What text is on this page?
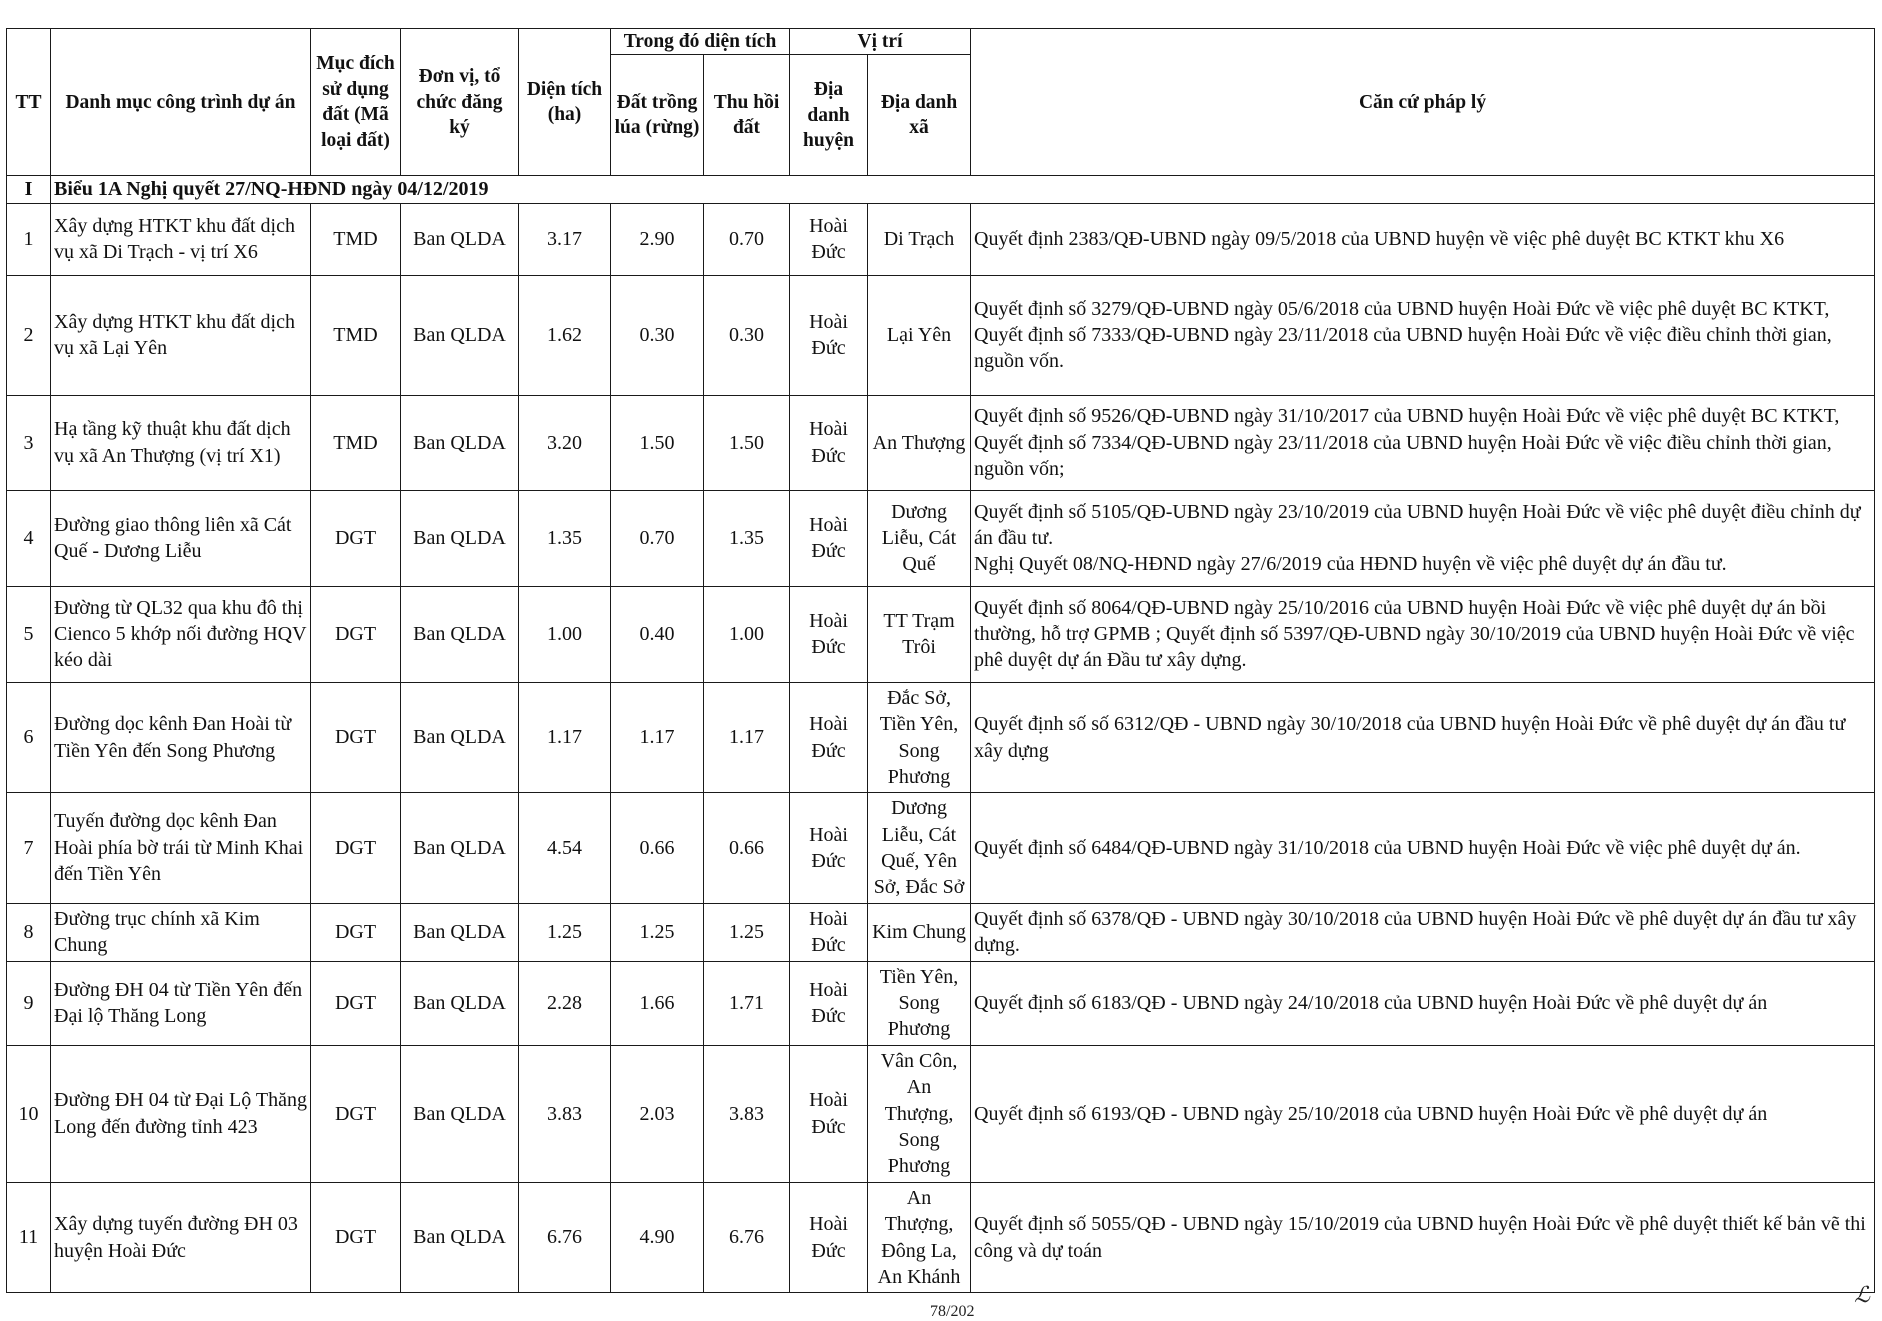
TT	Danh mục công trình dự án	Mục đích sử dụng đất (Mã loại đất)	Đơn vị, tổ chức đăng ký	Diện tích (ha)	Trong đó diện tích		Vị trí		Căn cứ pháp lý
					Đất trồng lúa (rừng)	Thu hồi đất	Địa danh huyện	Địa danh xã	
I	Biểu 1A Nghị quyết 27/NQ-HĐND ngày 04/12/2019								
1	Xây dựng HTKT khu đất dịch vụ xã Di Trạch - vị trí X6	TMD	Ban QLDA	3.17	2.90	0.70	Hoài Đức	Di Trạch	Quyết định 2383/QĐ-UBND ngày 09/5/2018 của UBND huyện về việc phê duyệt BC KTKT khu X6
2	Xây dựng HTKT khu đất dịch vụ xã Lại Yên	TMD	Ban QLDA	1.62	0.30	0.30	Hoài Đức	Lại Yên	Quyết định số 3279/QĐ-UBND ngày 05/6/2018 của UBND huyện Hoài Đức về việc phê duyệt BC KTKT, Quyết định số 7333/QĐ-UBND ngày 23/11/2018 của UBND huyện Hoài Đức về việc điều chỉnh thời gian, nguồn vốn.
3	Hạ tầng kỹ thuật khu đất dịch vụ xã An Thượng (vị trí X1)	TMD	Ban QLDA	3.20	1.50	1.50	Hoài Đức	An Thượng	Quyết định số 9526/QĐ-UBND ngày 31/10/2017 của UBND huyện Hoài Đức về việc phê duyệt BC KTKT, Quyết định số 7334/QĐ-UBND ngày 23/11/2018 của UBND huyện Hoài Đức về việc điều chỉnh thời gian, nguồn vốn;
4	Đường giao thông liên xã Cát Quế - Dương Liễu	DGT	Ban QLDA	1.35	0.70	1.35	Hoài Đức	Dương Liễu, Cát Quế	Quyết định số 5105/QĐ-UBND ngày 23/10/2019 của UBND huyện Hoài Đức về việc phê duyệt điều chỉnh dự án đầu tư.
Nghị Quyết 08/NQ-HĐND ngày 27/6/2019 của HĐND huyện về việc phê duyệt dự án đầu tư.
5	Đường từ QL32 qua khu đô thị Cienco 5 khớp nối đường HQV kéo dài	DGT	Ban QLDA	1.00	0.40	1.00	Hoài Đức	TT Trạm Trôi	Quyết định số 8064/QĐ-UBND ngày 25/10/2016 của UBND huyện Hoài Đức về việc phê duyệt dự án bồi thường, hỗ trợ GPMB ; Quyết định số 5397/QĐ-UBND ngày 30/10/2019 của UBND huyện Hoài Đức về việc phê duyệt dự án Đầu tư xây dựng.
6	Đường dọc kênh Đan Hoài từ Tiền Yên đến Song Phương	DGT	Ban QLDA	1.17	1.17	1.17	Hoài Đức	Đắc Sở, Tiền Yên, Song Phương	Quyết định số số 6312/QĐ - UBND ngày 30/10/2018 của UBND huyện Hoài Đức về phê duyệt dự án đầu tư xây dựng
7	Tuyến đường dọc kênh Đan Hoài phía bờ trái từ Minh Khai đến Tiền Yên	DGT	Ban QLDA	4.54	0.66	0.66	Hoài Đức	Dương Liễu, Cát Quế, Yên Sở, Đắc Sở	Quyết định số 6484/QĐ-UBND ngày 31/10/2018 của UBND huyện Hoài Đức về việc phê duyệt dự án.
8	Đường trục chính xã Kim Chung	DGT	Ban QLDA	1.25	1.25	1.25	Hoài Đức	Kim Chung	Quyết định số 6378/QĐ - UBND ngày 30/10/2018 của UBND huyện Hoài Đức về phê duyệt dự án đầu tư xây dựng.
9	Đường ĐH 04 từ Tiền Yên đến Đại lộ Thăng Long	DGT	Ban QLDA	2.28	1.66	1.71	Hoài Đức	Tiền Yên, Song Phương	Quyết định số 6183/QĐ - UBND ngày 24/10/2018 của UBND huyện Hoài Đức về phê duyệt dự án
10	Đường ĐH 04 từ Đại Lộ Thăng Long đến đường tỉnh 423	DGT	Ban QLDA	3.83	2.03	3.83	Hoài Đức	Vân Côn, An Thượng, Song Phương	Quyết định số 6193/QĐ - UBND ngày 25/10/2018 của UBND huyện Hoài Đức về phê duyệt dự án
11	Xây dựng tuyến đường ĐH 03 huyện Hoài Đức	DGT	Ban QLDA	6.76	4.90	6.76	Hoài Đức	An Thượng, Đông La, An Khánh	Quyết định số 5055/QĐ - UBND ngày 15/10/2019 của UBND huyện Hoài Đức về phê duyệt thiết kế bản vẽ thi công và dự toán
78/202
ℒ
